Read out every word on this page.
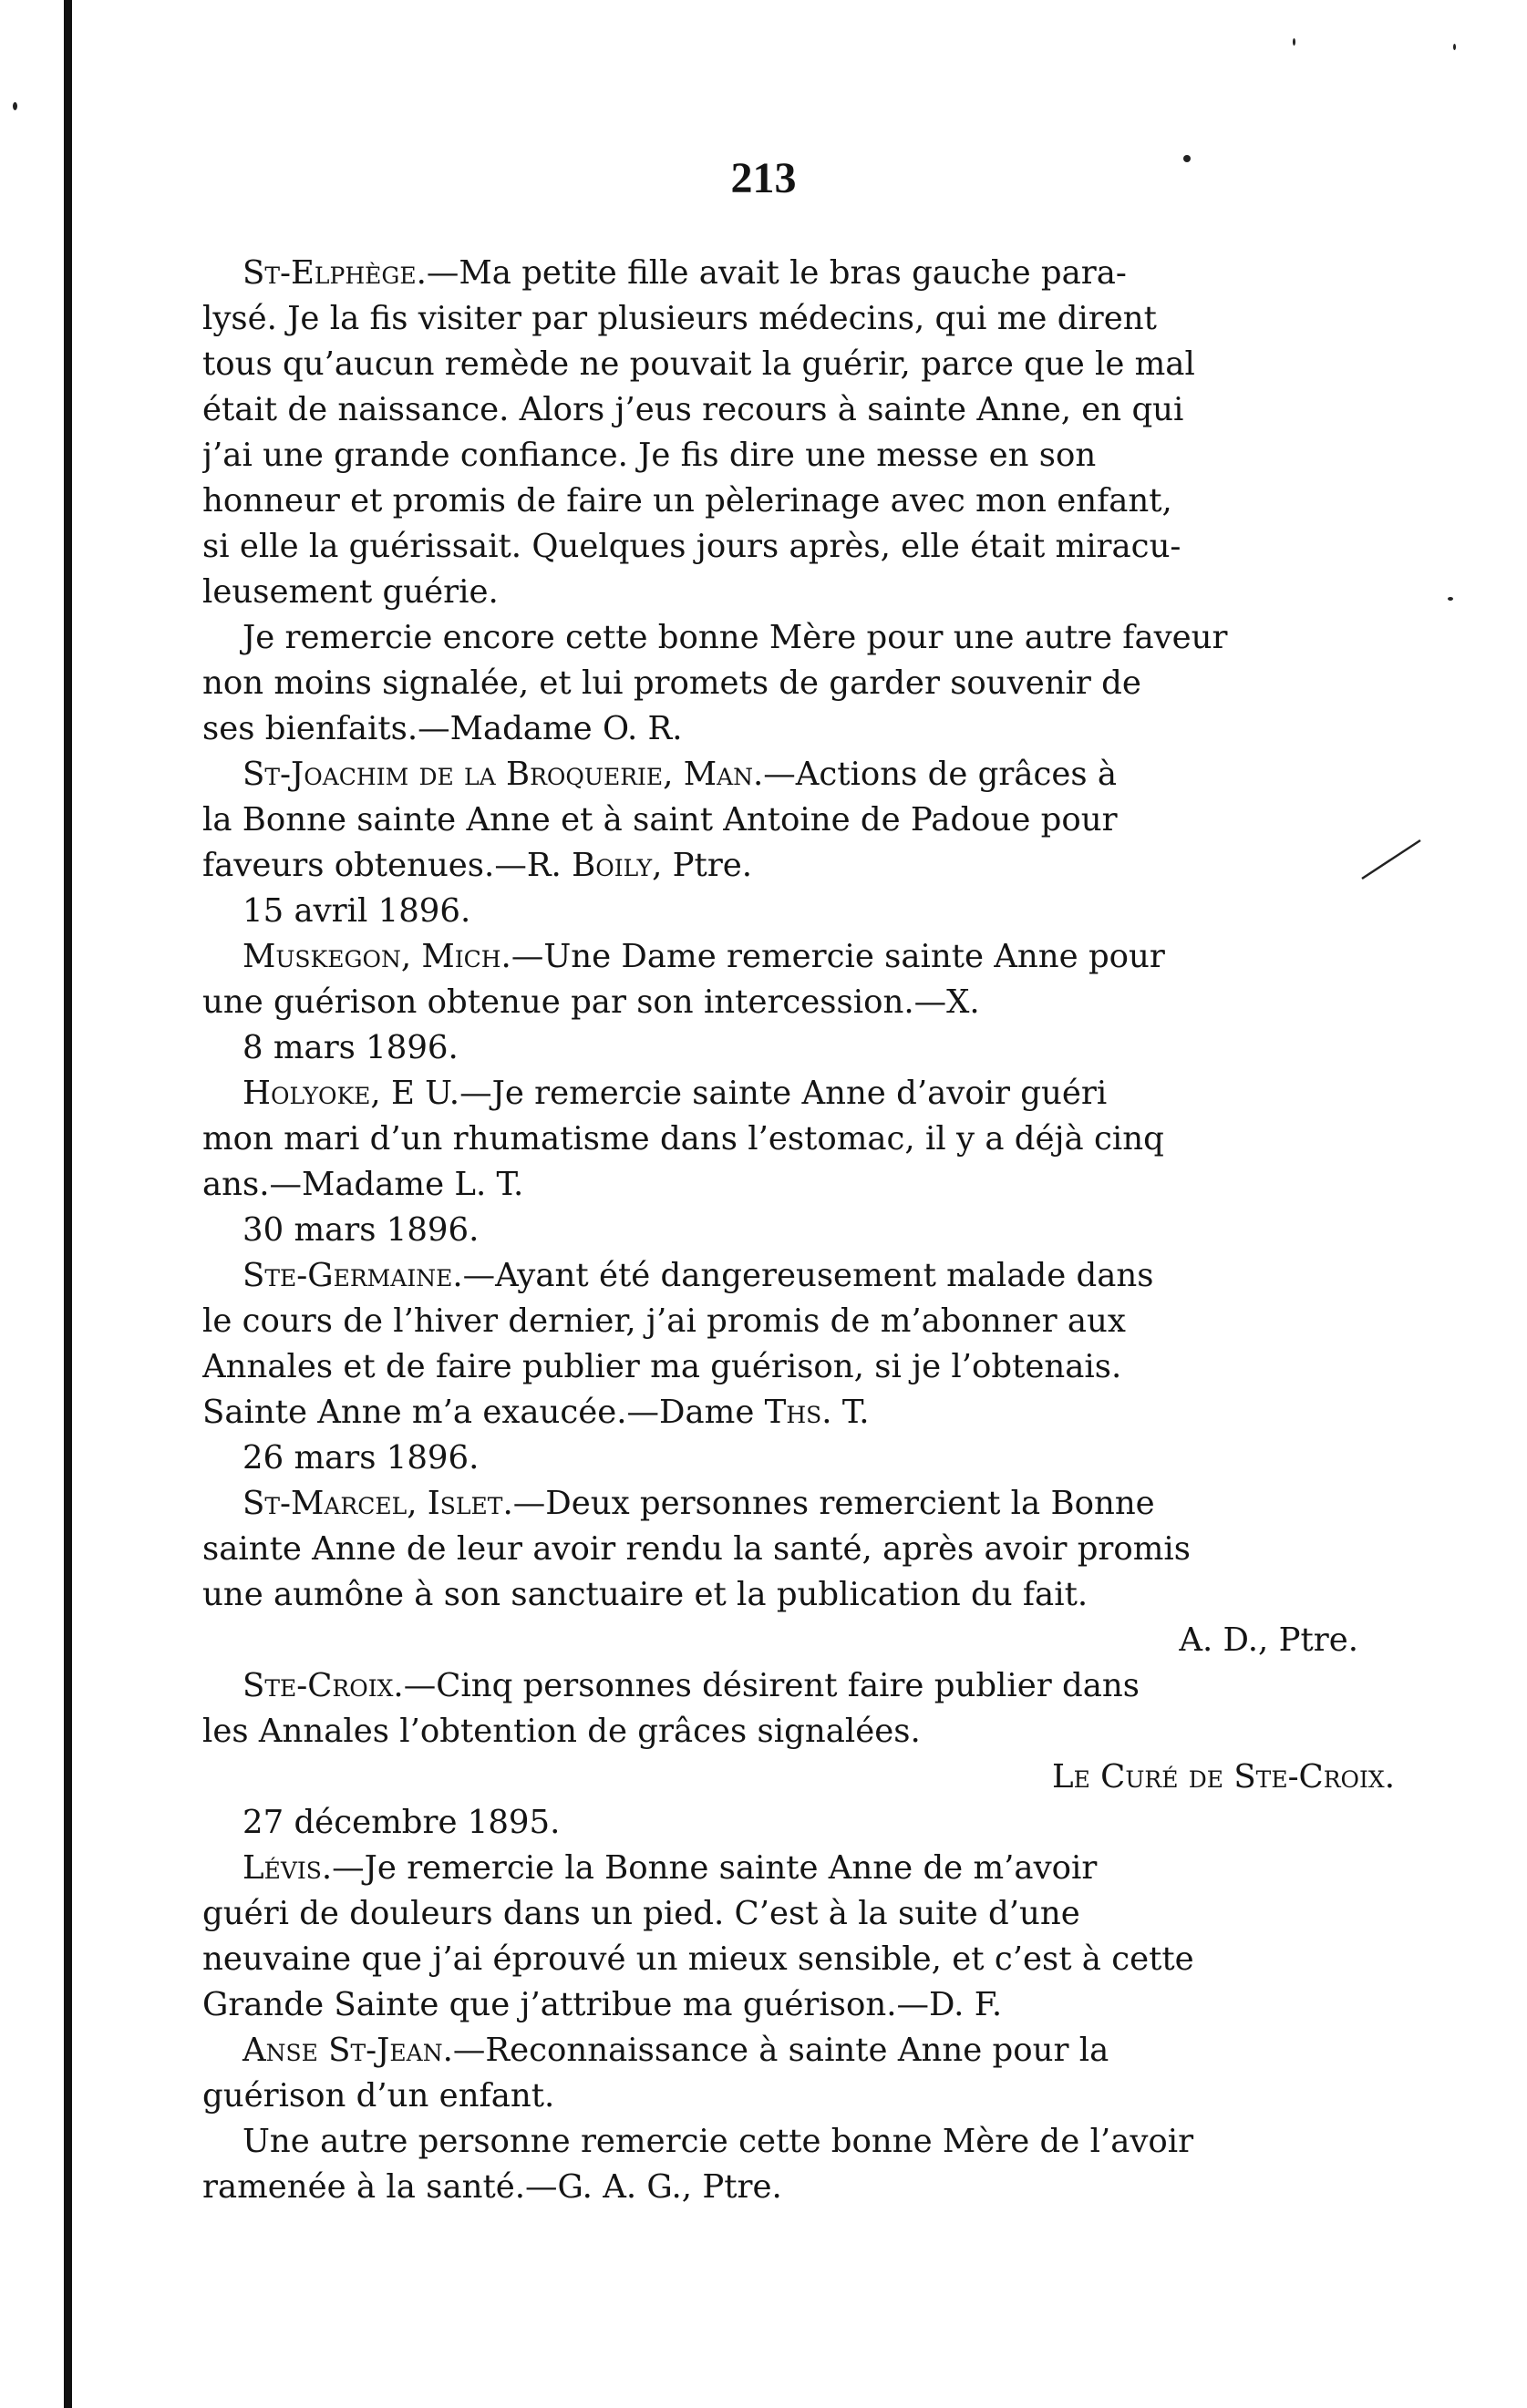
213
St-Elphège.—Ma petite fille avait le bras gauche para-
lysé. Je la fis visiter par plusieurs médecins, qui me dirent
tous qu’aucun remède ne pouvait la guérir, parce que le mal
était de naissance. Alors j’eus recours à sainte Anne, en qui
j’ai une grande confiance. Je fis dire une messe en son
honneur et promis de faire un pèlerinage avec mon enfant,
si elle la guérissait. Quelques jours après, elle était miracu-
leusement guérie.
Je remercie encore cette bonne Mère pour une autre faveur
non moins signalée, et lui promets de garder souvenir de
ses bienfaits.—Madame O. R.
St-Joachim de la Broquerie, Man.—Actions de grâces à
la Bonne sainte Anne et à saint Antoine de Padoue pour
faveurs obtenues.—R. Boily, Ptre.
15 avril 1896.
Muskegon, Mich.—Une Dame remercie sainte Anne pour
une guérison obtenue par son intercession.—X.
8 mars 1896.
Holyoke, E U.—Je remercie sainte Anne d’avoir guéri
mon mari d’un rhumatisme dans l’estomac, il y a déjà cinq
ans.—Madame L. T.
30 mars 1896.
Ste-Germaine.—Ayant été dangereusement malade dans
le cours de l’hiver dernier, j’ai promis de m’abonner aux
Annales et de faire publier ma guérison, si je l’obtenais.
Sainte Anne m’a exaucée.—Dame Ths. T.
26 mars 1896.
St-Marcel, Islet.—Deux personnes remercient la Bonne
sainte Anne de leur avoir rendu la santé, après avoir promis
une aumône à son sanctuaire et la publication du fait.
A. D., Ptre.
Ste-Croix.—Cinq personnes désirent faire publier dans
les Annales l’obtention de grâces signalées.
Le Curé de Ste-Croix.
27 décembre 1895.
Lévis.—Je remercie la Bonne sainte Anne de m’avoir
guéri de douleurs dans un pied. C’est à la suite d’une
neuvaine que j’ai éprouvé un mieux sensible, et c’est à cette
Grande Sainte que j’attribue ma guérison.—D. F.
Anse St-Jean.—Reconnaissance à sainte Anne pour la
guérison d’un enfant.
Une autre personne remercie cette bonne Mère de l’avoir
ramenée à la santé.—G. A. G., Ptre.
